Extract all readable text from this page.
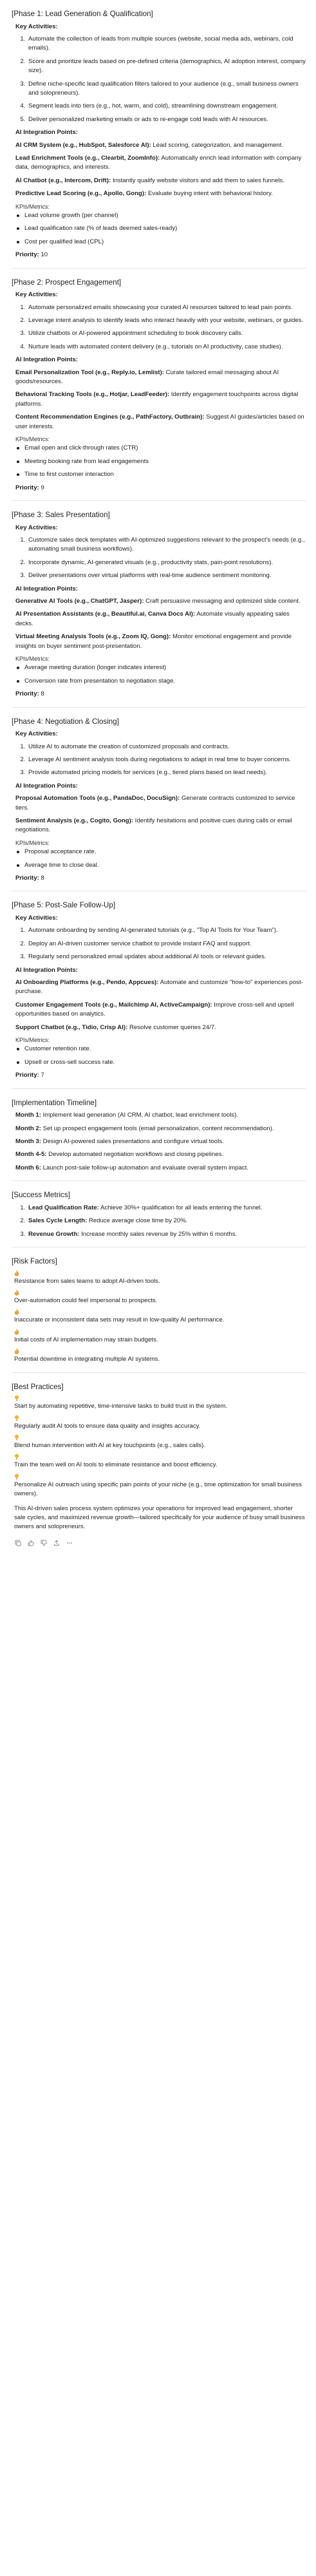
[Phase 1: Lead Generation & Qualification]
Key Activities:
1. Automate the collection of leads from multiple sources (website, social media ads, webinars, cold emails).
2. Score and prioritize leads based on pre-defined criteria (demographics, AI adoption interest, company size).
3. Define niche-specific lead qualification filters tailored to your audience (e.g., small business owners and solopreneurs).
4. Segment leads into tiers (e.g., hot, warm, and cold), streamlining downstream engagement.
5. Deliver personalized marketing emails or ads to re-engage cold leads with AI resources.
AI Integration Points:
AI CRM System (e.g., HubSpot, Salesforce AI): Lead scoring, categorization, and management.
Lead Enrichment Tools (e.g., Clearbit, ZoomInfo): Automatically enrich lead information with company data, demographics, and interests.
AI Chatbot (e.g., Intercom, Drift): Instantly qualify website visitors and add them to sales funnels.
Predictive Lead Scoring (e.g., Apollo, Gong): Evaluate buying intent with behavioral history.
KPIs/Metrics:
Lead volume growth (per channel)
Lead qualification rate (% of leads deemed sales-ready)
Cost per qualified lead (CPL)
Priority: 10
[Phase 2: Prospect Engagement]
Key Activities:
1. Automate personalized emails showcasing your curated AI resources tailored to lead pain points.
2. Leverage intent analysis to identify leads who interact heavily with your website, webinars, or guides.
3. Utilize chatbots or AI-powered appointment scheduling to book discovery calls.
4. Nurture leads with automated content delivery (e.g., tutorials on AI productivity, case studies).
AI Integration Points:
Email Personalization Tool (e.g., Reply.io, Lemlist): Curate tailored email messaging about AI goods/resources.
Behavioral Tracking Tools (e.g., Hotjar, LeadFeeder): Identify engagement touchpoints across digital platforms.
Content Recommendation Engines (e.g., PathFactory, Outbrain): Suggest AI guides/articles based on user interests.
KPIs/Metrics:
Email open and click-through rates (CTR)
Meeting booking rate from lead engagements
Time to first customer interaction
Priority: 9
[Phase 3: Sales Presentation]
Key Activities:
1. Customize sales deck templates with AI-optimized suggestions relevant to the prospect's needs (e.g., automating small business workflows).
2. Incorporate dynamic, AI-generated visuals (e.g., productivity stats, pain-point resolutions).
3. Deliver presentations over virtual platforms with real-time audience sentiment monitoring.
AI Integration Points:
Generative AI Tools (e.g., ChatGPT, Jasper): Craft persuasive messaging and optimized slide content.
AI Presentation Assistants (e.g., Beautiful.ai, Canva Docs AI): Automate visually appealing sales decks.
Virtual Meeting Analysis Tools (e.g., Zoom IQ, Gong): Monitor emotional engagement and provide insights on buyer sentiment post-presentation.
KPIs/Metrics:
Average meeting duration (longer indicates interest)
Conversion rate from presentation to negotiation stage.
Priority: 8
[Phase 4: Negotiation & Closing]
Key Activities:
1. Utilize AI to automate the creation of customized proposals and contracts.
2. Leverage AI sentiment analysis tools during negotiations to adapt in real time to buyer concerns.
3. Provide automated pricing models for services (e.g., tiered plans based on lead needs).
AI Integration Points:
Proposal Automation Tools (e.g., PandaDoc, DocuSign): Generate contracts customized to service tiers.
Sentiment Analysis (e.g., Cogito, Gong): Identify hesitations and positive cues during calls or email negotiations.
KPIs/Metrics:
Proposal acceptance rate.
Average time to close deal.
Priority: 8
[Phase 5: Post-Sale Follow-Up]
Key Activities:
1. Automate onboarding by sending AI-generated tutorials (e.g., "Top AI Tools for Your Team").
2. Deploy an AI-driven customer service chatbot to provide instant FAQ and support.
3. Regularly send personalized email updates about additional AI tools or relevant guides.
AI Integration Points:
AI Onboarding Platforms (e.g., Pendo, Appcues): Automate and customize "how-to" experiences post-purchase.
Customer Engagement Tools (e.g., Mailchimp AI, ActiveCampaign): Improve cross-sell and upsell opportunities based on analytics.
Support Chatbot (e.g., Tidio, Crisp AI): Resolve customer queries 24/7.
KPIs/Metrics:
Customer retention rate.
Upsell or cross-sell success rate.
Priority: 7
[Implementation Timeline]
Month 1: Implement lead generation (AI CRM, AI chatbot, lead enrichment tools).
Month 2: Set up prospect engagement tools (email personalization, content recommendation).
Month 3: Design AI-powered sales presentations and configure virtual tools.
Month 4-5: Develop automated negotiation workflows and closing pipelines.
Month 6: Launch post-sale follow-up automation and evaluate overall system impact.
[Success Metrics]
1. Lead Qualification Rate: Achieve 30%+ qualification for all leads entering the funnel.
2. Sales Cycle Length: Reduce average close time by 20%.
3. Revenue Growth: Increase monthly sales revenue by 25% within 6 months.
[Risk Factors]
Resistance from sales teams to adopt AI-driven tools.
Over-automation could feel impersonal to prospects.
Inaccurate or inconsistent data sets may result in low-quality AI performance.
Initial costs of AI implementation may strain budgets.
Potential downtime in integrating multiple AI systems.
[Best Practices]
Start by automating repetitive, time-intensive tasks to build trust in the system.
Regularly audit AI tools to ensure data quality and insights accuracy.
Blend human intervention with AI at key touchpoints (e.g., sales calls).
Train the team well on AI tools to eliminate resistance and boost efficiency.
Personalize AI outreach using specific pain points of your niche (e.g., time optimization for small business owners).
This AI-driven sales process system optimizes your operations for improved lead engagement, shorter sale cycles, and maximized revenue growth—tailored specifically for your audience of busy small business owners and solopreneurs.
